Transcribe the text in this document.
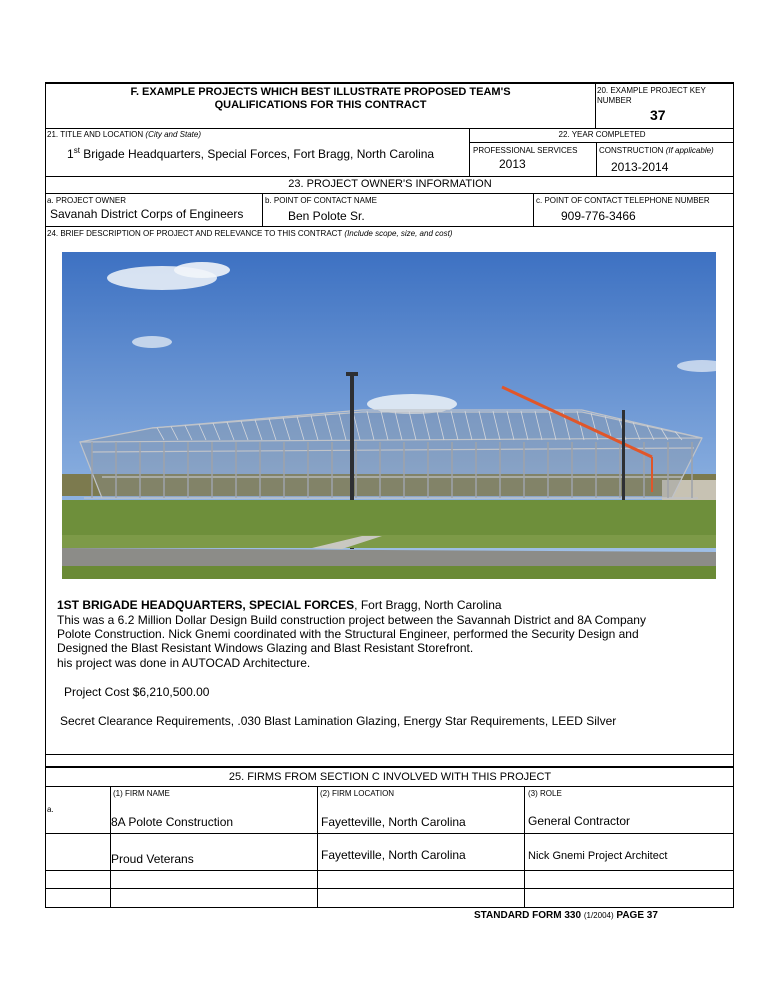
F. EXAMPLE PROJECTS WHICH BEST ILLUSTRATE PROPOSED TEAM'S
QUALIFICATIONS FOR THIS CONTRACT
20. EXAMPLE PROJECT KEY
NUMBER
37
21. TITLE AND LOCATION (City and State)
1st Brigade Headquarters, Special Forces, Fort Bragg, North Carolina
22. YEAR COMPLETED
PROFESSIONAL SERVICES
2013
CONSTRUCTION (If applicable)
2013-2014
23. PROJECT OWNER'S INFORMATION
a. PROJECT OWNER
Savanah District Corps of Engineers
b. POINT OF CONTACT NAME
Ben Polote Sr.
c. POINT OF CONTACT TELEPHONE NUMBER
909-776-3466
24. BRIEF DESCRIPTION OF PROJECT AND RELEVANCE TO THIS CONTRACT (Include scope, size, and cost)
1ST BRIGADE HEADQUARTERS, SPECIAL FORCES, Fort Bragg, North Carolina
This was a 6.2 Million Dollar Design Build construction project between the Savannah District and 8A Company
Polote Construction. Nick Gnemi coordinated with the Structural Engineer, performed the Security Design and
Designed the Blast Resistant Windows Glazing and Blast Resistant Storefront.
his project was done in AUTOCAD Architecture.
Project Cost $6,210,500.00
Secret Clearance Requirements, .030 Blast Lamination Glazing, Energy Star Requirements, LEED Silver
25. FIRMS FROM SECTION C INVOLVED WITH THIS PROJECT
(1) FIRM NAME	(2) FIRM LOCATION	(3) ROLE
a.
8A Polote Construction	Fayetteville, North Carolina	General Contractor
Proud Veterans	Fayetteville, North Carolina	Nick Gnemi Project Architect
STANDARD FORM 330 (1/2004) PAGE 37
